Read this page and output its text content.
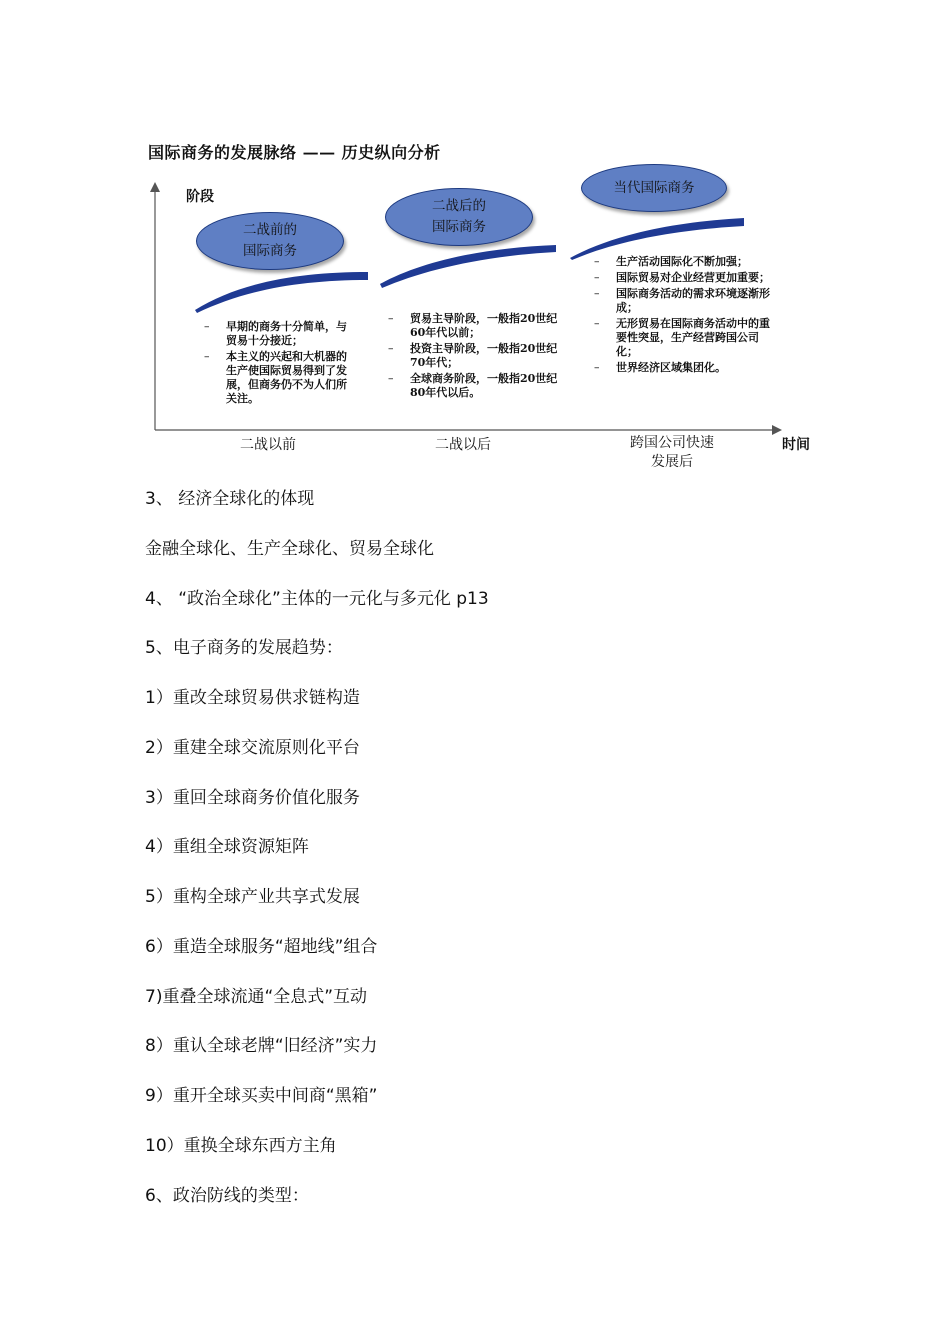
国际商务的发展脉络 —— 历史纵向分析
阶段
时间
二战前的
国际商务
二战后的
国际商务
当代国际商务
– 早期的商务十分简单，与贸易十分接近；
– 本主义的兴起和大机器的生产使国际贸易得到了发展，但商务仍不为人们所关注。
– 贸易主导阶段，一般指20世纪60年代以前；
– 投资主导阶段，一般指20世纪70年代；
– 全球商务阶段，一般指20世纪80年代以后。
– 生产活动国际化不断加强；
– 国际贸易对企业经营更加重要；
– 国际商务活动的需求环境逐渐形成；
– 无形贸易在国际商务活动中的重要性突显，生产经营跨国公司化；
– 世界经济区域集团化。
二战以前	二战以后	跨国公司快速
发展后
3、 经济全球化的体现
金融全球化、生产全球化、贸易全球化
4、 “政治全球化”主体的一元化与多元化 p13
5、电子商务的发展趋势：
1）重改全球贸易供求链构造
2）重建全球交流原则化平台
3）重回全球商务价值化服务
4）重组全球资源矩阵
5）重构全球产业共享式发展
6）重造全球服务“超地线”组合
7)重叠全球流通“全息式”互动
8）重认全球老牌“旧经济”实力
9）重开全球买卖中间商“黑箱”
10）重换全球东西方主角
6、政治防线的类型：
